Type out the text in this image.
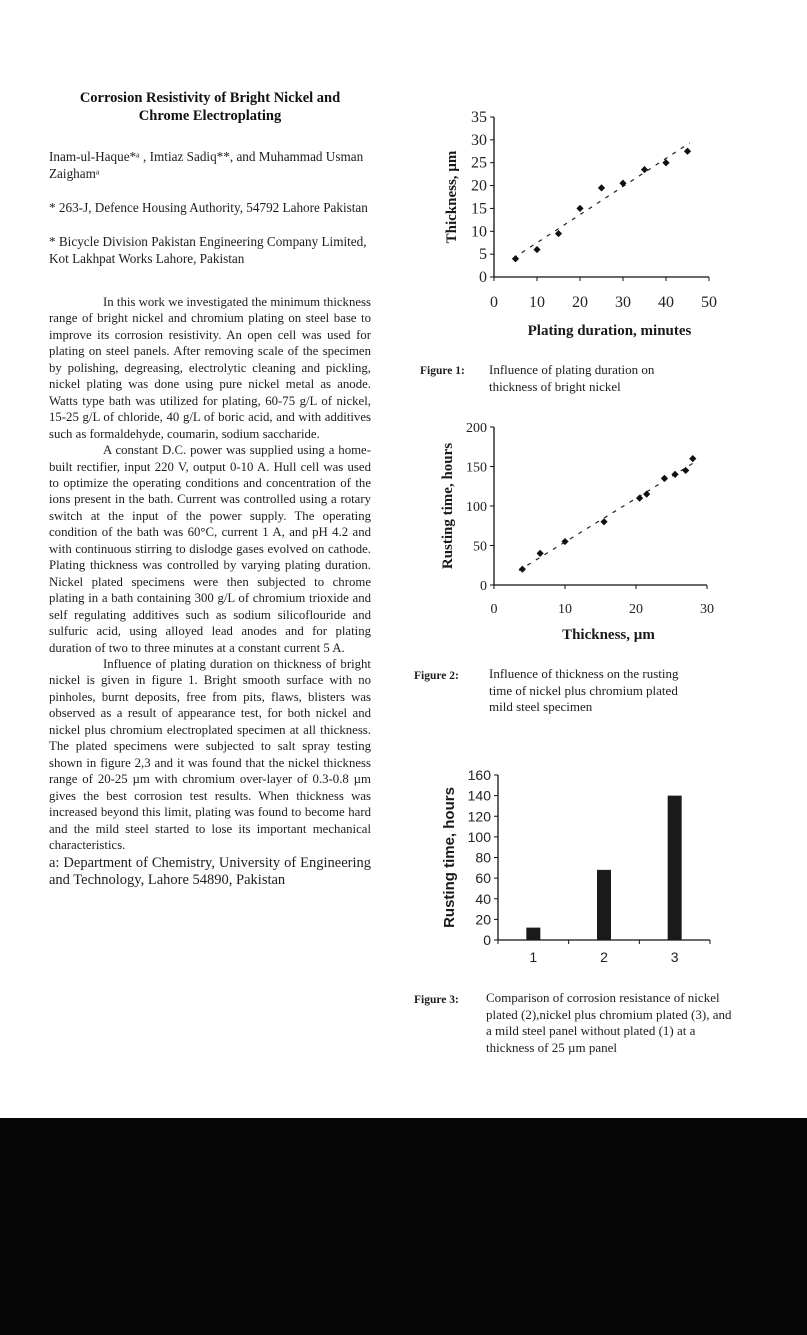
Corrosion Resistivity of Bright Nickel and
Chrome Electroplating
Inam-ul-Haque*ᵃ , Imtiaz Sadiq**, and Muhammad Usman Zaighamᵃ
* 263-J, Defence Housing Authority, 54792 Lahore Pakistan
* Bicycle Division Pakistan Engineering Company Limited, Kot Lakhpat Works Lahore, Pakistan

In this work we investigated the minimum thickness range of bright nickel and chromium plating on steel base to improve its corrosion resistivity. An open cell was used for plating on steel panels. After removing scale of the specimen by polishing, degreasing, electrolytic cleaning and pickling, nickel plating was done using pure nickel metal as anode. Watts type bath was utilized for plating, 60-75 g/L of nickel, 15-25 g/L of chloride, 40 g/L of boric acid, and with additives such as formaldehyde, coumarin, sodium saccharide.

A constant D.C. power was supplied using a home-built rectifier, input 220 V, output 0-10 A. Hull cell was used to optimize the operating conditions and concentration of the ions present in the bath. Current was controlled using a rotary switch at the input of the power supply. The operating condition of the bath was 60°C, current 1 A, and pH 4.2 and with continuous stirring to dislodge gases evolved on cathode. Plating thickness was controlled by varying plating duration. Nickel plated specimens were then subjected to chrome plating in a bath containing 300 g/L of chromium trioxide and self regulating additives such as sodium silicoflouride and sulfuric acid, using alloyed lead anodes and for plating duration of two to three minutes at a constant current 5 A.

Influence of plating duration on thickness of bright nickel is given in figure 1. Bright smooth surface with no pinholes, burnt deposits, free from pits, flaws, blisters was observed as a result of appearance test, for both nickel and nickel plus chromium electroplated specimen at all thickness. The plated specimens were subjected to salt spray testing shown in figure 2,3 and it was found that the nickel thickness range of 20-25 µm with chromium over-layer of 0.3-0.8 µm gives the best corrosion test results. When thickness was increased beyond this limit, plating was found to become hard and the mild steel started to lose its important mechanical characteristics.

a: Department of Chemistry, University of Engineering and Technology, Lahore 54890, Pakistan
0
5
10
15
20
25
30
35
0 10 20 30 40 50
Plating duration, minutes
Thickness, µm
Figure 1: Influence of plating duration on thickness of bright nickel
0
50
100
150
200
0	10	20	30
Thickness, µm
Rusting time, hours
Figure 2: Influence of thickness on the rusting time of nickel plus chromium plated mild steel specimen
0
20
40
60
80
100
120
140
160
1	2	3
Rusting time, hours
Figure 3: Comparison of corrosion resistance of nickel plated (2),nickel plus chromium plated (3), and a mild steel panel without plated (1) at a thickness of 25 µm panel
